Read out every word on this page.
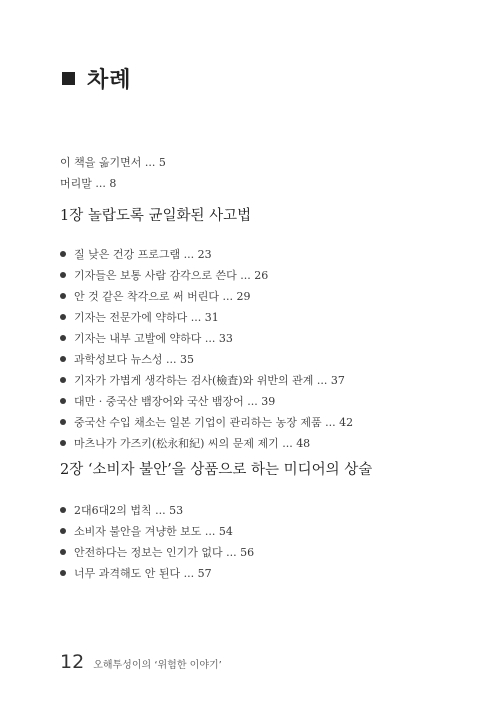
차례
이 책을 옮기면서 ... 5
머리말 ... 8
1장 놀랍도록 균일화된 사고법
질 낮은 건강 프로그램 ... 23
기자들은 보통 사람 감각으로 쓴다 ... 26
안 것 같은 착각으로 써 버린다 ... 29
기자는 전문가에 약하다 ... 31
기자는 내부 고발에 약하다 ... 33
과학성보다 뉴스성 ... 35
기자가 가볍게 생각하는 검사(檢査)와 위반의 관계 ... 37
대만 · 중국산 뱀장어와 국산 뱀장어 ... 39
중국산 수입 채소는 일본 기업이 관리하는 농장 제품 ... 42
마츠나가 가즈키(松永和紀) 씨의 문제 제기 ... 48
2장 ‘소비자 불안’을 상품으로 하는 미디어의 상술
2대6대2의 법칙 ... 53
소비자 불안을 겨냥한 보도 ... 54
안전하다는 정보는 인기가 없다 ... 56
너무 과격해도 안 된다 ... 57
12 오해투성이의 ‘위험한 이야기’
